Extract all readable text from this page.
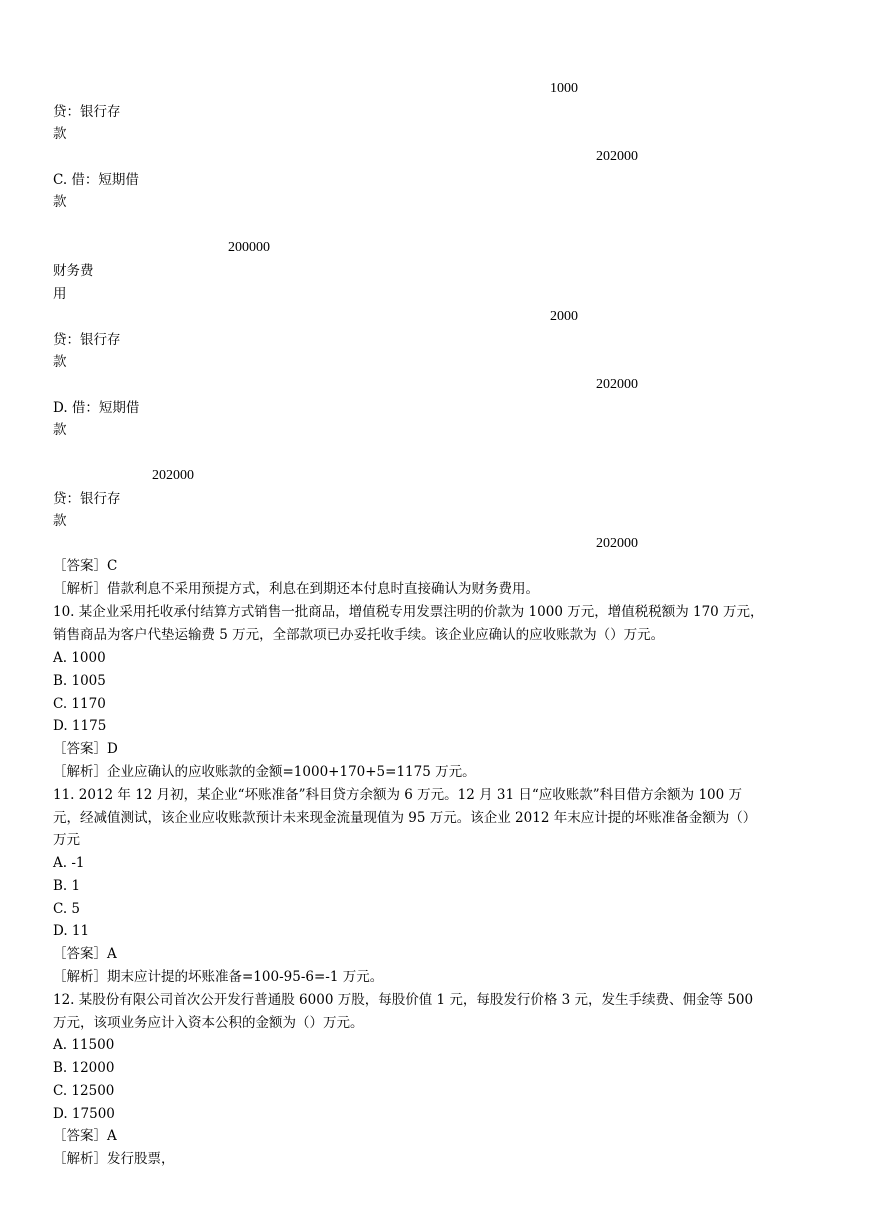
1000
贷：银行存
款
202000
C. 借：短期借
款
200000
财务费
用
2000
贷：银行存
款
202000
D. 借：短期借
款
202000
贷：银行存
款
202000
［答案］C
［解析］借款利息不采用预提方式，利息在到期还本付息时直接确认为财务费用。
10. 某企业采用托收承付结算方式销售一批商品，增值税专用发票注明的价款为 1000 万元，增值税税额为 170 万元，
销售商品为客户代垫运输费 5 万元，全部款项已办妥托收手续。该企业应确认的应收账款为（）万元。
A. 1000
B. 1005
C. 1170
D. 1175
［答案］D
［解析］企业应确认的应收账款的金额=1000+170+5=1175 万元。
11. 2012 年 12 月初，某企业“坏账准备”科目贷方余额为 6 万元。12 月 31 日“应收账款”科目借方余额为 100 万
元，经减值测试，该企业应收账款预计未来现金流量现值为 95 万元。该企业 2012 年末应计提的坏账准备金额为（）
万元
A. -1
B. 1
C. 5
D. 11
［答案］A
［解析］期末应计提的坏账准备=100-95-6=-1 万元。
12. 某股份有限公司首次公开发行普通股 6000 万股，每股价值 1 元，每股发行价格 3 元，发生手续费、佣金等 500
万元，该项业务应计入资本公积的金额为（）万元。
A. 11500
B. 12000
C. 12500
D. 17500
［答案］A
［解析］发行股票，
